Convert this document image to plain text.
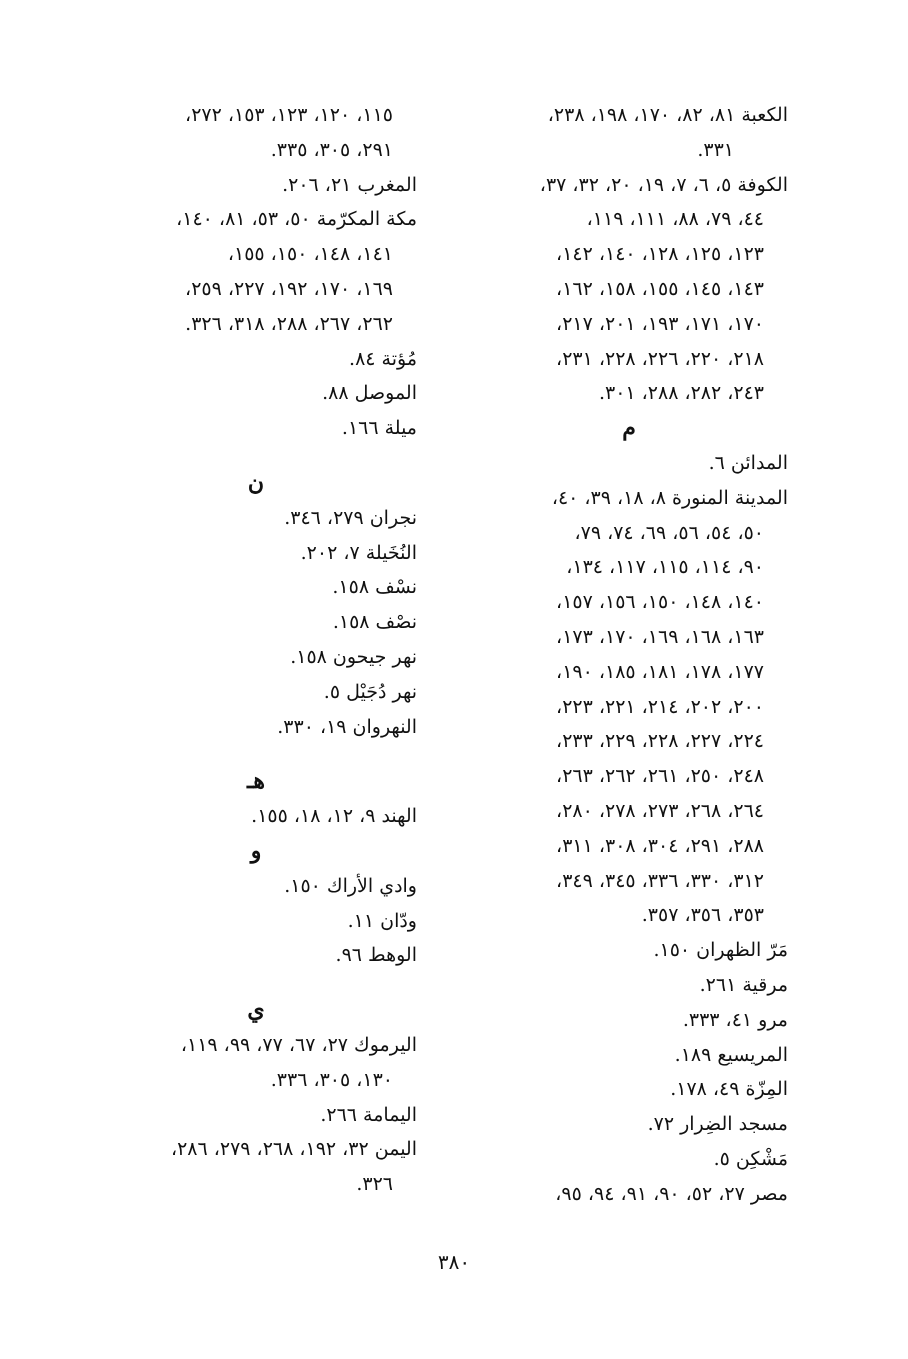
الكعبة ٨١، ٨٢، ١٧٠، ١٩٨، ٢٣٨،
٣٣١.
الكوفة ٥، ٦، ٧، ١٩، ٢٠، ٣٢، ٣٧،
٤٤، ٧٩، ٨٨، ١١١، ١١٩،
١٢٣، ١٢٥، ١٢٨، ١٤٠، ١٤٢،
١٤٣، ١٤٥، ١٥٥، ١٥٨، ١٦٢،
١٧٠، ١٧١، ١٩٣، ٢٠١، ٢١٧،
٢١٨، ٢٢٠، ٢٢٦، ٢٢٨، ٢٣١،
٢٤٣، ٢٨٢، ٢٨٨، ٣٠١.
م
المدائن ٦.
المدينة المنورة ٨، ١٨، ٣٩، ٤٠،
٥٠، ٥٤، ٥٦، ٦٩، ٧٤، ٧٩،
٩٠، ١١٤، ١١٥، ١١٧، ١٣٤،
١٤٠، ١٤٨، ١٥٠، ١٥٦، ١٥٧،
١٦٣، ١٦٨، ١٦٩، ١٧٠، ١٧٣،
١٧٧، ١٧٨، ١٨١، ١٨٥، ١٩٠،
٢٠٠، ٢٠٢، ٢١٤، ٢٢١، ٢٢٣،
٢٢٤، ٢٢٧، ٢٢٨، ٢٢٩، ٢٣٣،
٢٤٨، ٢٥٠، ٢٦١، ٢٦٢، ٢٦٣،
٢٦٤، ٢٦٨، ٢٧٣، ٢٧٨، ٢٨٠،
٢٨٨، ٢٩١، ٣٠٤، ٣٠٨، ٣١١،
٣١٢، ٣٣٠، ٣٣٦، ٣٤٥، ٣٤٩،
٣٥٣، ٣٥٦، ٣٥٧.
مَرّ الظهران ١٥٠.
مرقية ٢٦١.
مرو ٤١، ٣٣٣.
المريسيع ١٨٩.
المِزّة ٤٩، ١٧٨.
مسجد الضِرار ٧٢.
مَشْكِن ٥.
مصر ٢٧، ٥٢، ٩٠، ٩١، ٩٤، ٩٥،
١١٥، ١٢٠، ١٢٣، ١٥٣، ٢٧٢،
٢٩١، ٣٠٥، ٣٣٥.
المغرب ٢١، ٢٠٦.
مكة المكرّمة ٥٠، ٥٣، ٨١، ١٤٠،
١٤١، ١٤٨، ١٥٠، ١٥٥،
١٦٩، ١٧٠، ١٩٢، ٢٢٧، ٢٥٩،
٢٦٢، ٢٦٧، ٢٨٨، ٣١٨، ٣٢٦.
مُؤتة ٨٤.
الموصل ٨٨.
ميلة ١٦٦.
ن
نجران ٢٧٩، ٣٤٦.
النُخَيلة ٧، ٢٠٢.
نسْف ١٥٨.
نصْف ١٥٨.
نهر جيحون ١٥٨.
نهر دُجَيْل ٥.
النهروان ١٩، ٣٣٠.
هـ
الهند ٩، ١٢، ١٨، ١٥٥.
و
وادي الأراك ١٥٠.
ودّان ١١.
الوهط ٩٦.
ي
اليرموك ٢٧، ٦٧، ٧٧، ٩٩، ١١٩،
١٣٠، ٣٠٥، ٣٣٦.
اليمامة ٢٦٦.
اليمن ٣٢، ١٩٢، ٢٦٨، ٢٧٩، ٢٨٦،
٣٢٦.
٣٨٠
